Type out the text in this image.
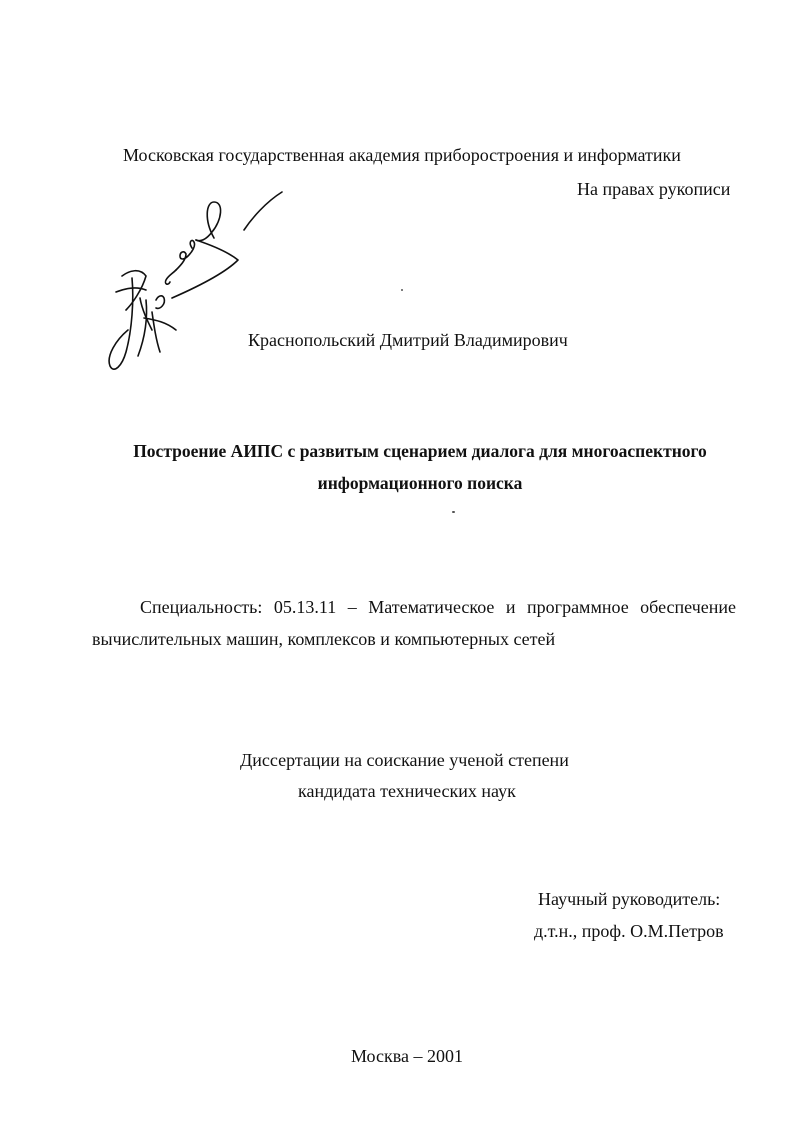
Московская государственная академия приборостроения и информатики
На правах рукописи
Краснопольский Дмитрий Владимирович
Построение АИПС с развитым сценарием диалога для многоаспектного
информационного поиска
Специальность: 05.13.11 – Математическое и программное обеспечение
вычислительных машин, комплексов и компьютерных сетей
Диссертации на соискание ученой степени
кандидата технических наук
Научный руководитель:
д.т.н., проф. О.М.Петров
Москва – 2001
